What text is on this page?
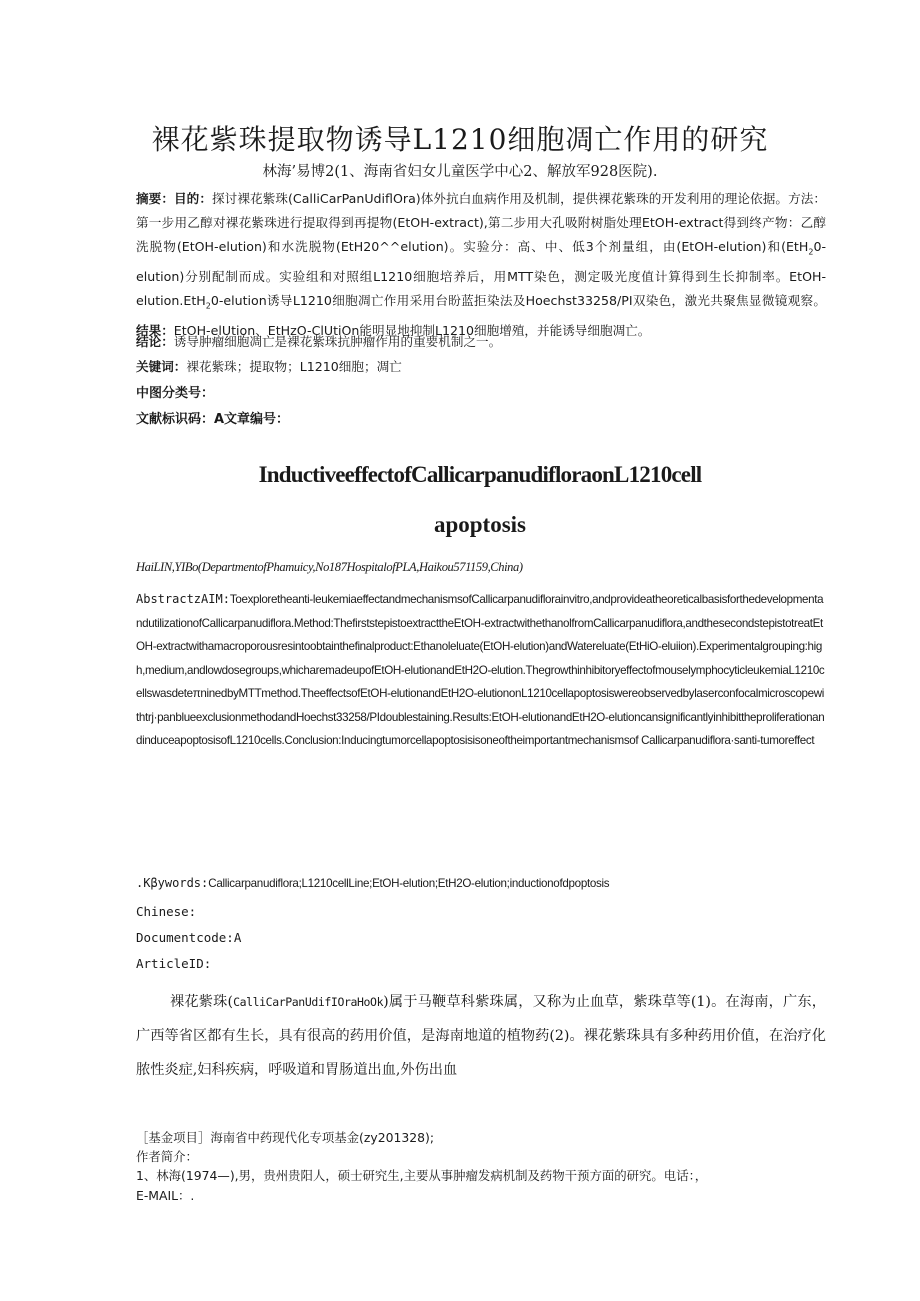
裸花紫珠提取物诱导L1210细胞凋亡作用的研究
林海’易博2(1、海南省妇女儿童医学中心2、解放军928医院).
摘要：目的：探讨裸花紫珠(CalliCarPanUdiflOra)体外抗白血病作用及机制，提供裸花紫珠的开发利用的理论依据。方法：第一步用乙醇对裸花紫珠进行提取得到再提物(EtOH-extract),第二步用大孔吸附树脂处理EtOH-extract得到终产物：乙醇洗脱物(EtOH-elution)和水洗脱物(EtH20^^elution)。实验分：高、中、低3个剂量组，由(EtOH-elution)和(EtH$_2$0-elution)分别配制而成。实验组和对照组L1210细胞培养后，用MTT染色，测定吸光度值计算得到生长抑制率。EtOH-elution.EtH$_2$0-elution诱导L1210细胞凋亡作用采用台盼蓝拒染法及Hoechst33258/PI双染色，激光共聚焦显微镜观察。结果：EtOH-elUtion、EtHzO-ClUtiOn能明显地抑制L1210细胞增殖，并能诱导细胞凋亡。
结论：诱导肿瘤细胞凋亡是裸花紫珠抗肿瘤作用的重要机制之一。
关键词：裸花紫珠；提取物；L1210细胞；凋亡
中图分类号：
文献标识码：A文章编号：
InductiveeffectofCallicarpanudifloraonL1210cell
apoptosis
HaiLIN,YIBo(DepartmentofPhamuicy,No187HospitalofPLA,Haikou571159,China)
AbstractzAIM:Toexploretheanti-leukemiaeffectandmechanismsofCallicarpanudiflorainvitro,andprovideatheoreticalbasisforthedevelopmentandutilizationofCallicarpanudiflora.Method:ThefirststepistoextracttheEtOH-extractwithethanolfromCallicarpanudiflora,andthesecondstepistotreatEtOH-extractwithamacroporousresintoobtainthefinalproduct:Ethanoleluate(EtOH-elution)andWatereluate(EtHiO-eluiion).Experimentalgrouping:high,medium,andlowdosegroups,whicharemadeupofEtOH-elutionandEtH2O-elution.ThegrowthinhibitoryeffectofmouselymphocyticleukemiaL1210cellswasdeteπninedbyMTTmethod.TheeffectsofEtOH-elutionandEtH2O-elutiononL1210cellapoptosiswereobservedbylaserconfocalmicroscopewithtrj·panblueexclusionmethodandHoechst33258/PIdoublestaining.Results:EtOH-elutionandEtH2O-elutioncansignificantlyinhibittheproliferationandinduceapoptosisofL1210cells.Conclusion:Inducingtumorcellapoptosisisoneoftheimportantmechanismsof Callicarpanudiflora·santi-tumoreffect
.Kβywords:Callicarpanudiflora;L1210cellLine;EtOH-elution;EtH2O-elution;inductionofdpoptosis
Chinese:
Documentcode:A
ArticleID:
裸花紫珠(CalliCarPanUdifIOraHoOk)属于马鞭草科紫珠属，又称为止血草，紫珠草等(1)。在海南，广东，广西等省区都有生长，具有很高的药用价值，是海南地道的植物药(2)。裸花紫珠具有多种药用价值，在治疗化脓性炎症,妇科疾病，呼吸道和胃肠道出血,外伤出血
［基金项目］海南省中药现代化专项基金(zy201328);
作者简介：
1、林海(1974—),男，贵州贵阳人，硕士研究生,主要从事肿瘤发病机制及药物干预方面的研究。电话：，
E-MAIL：.
